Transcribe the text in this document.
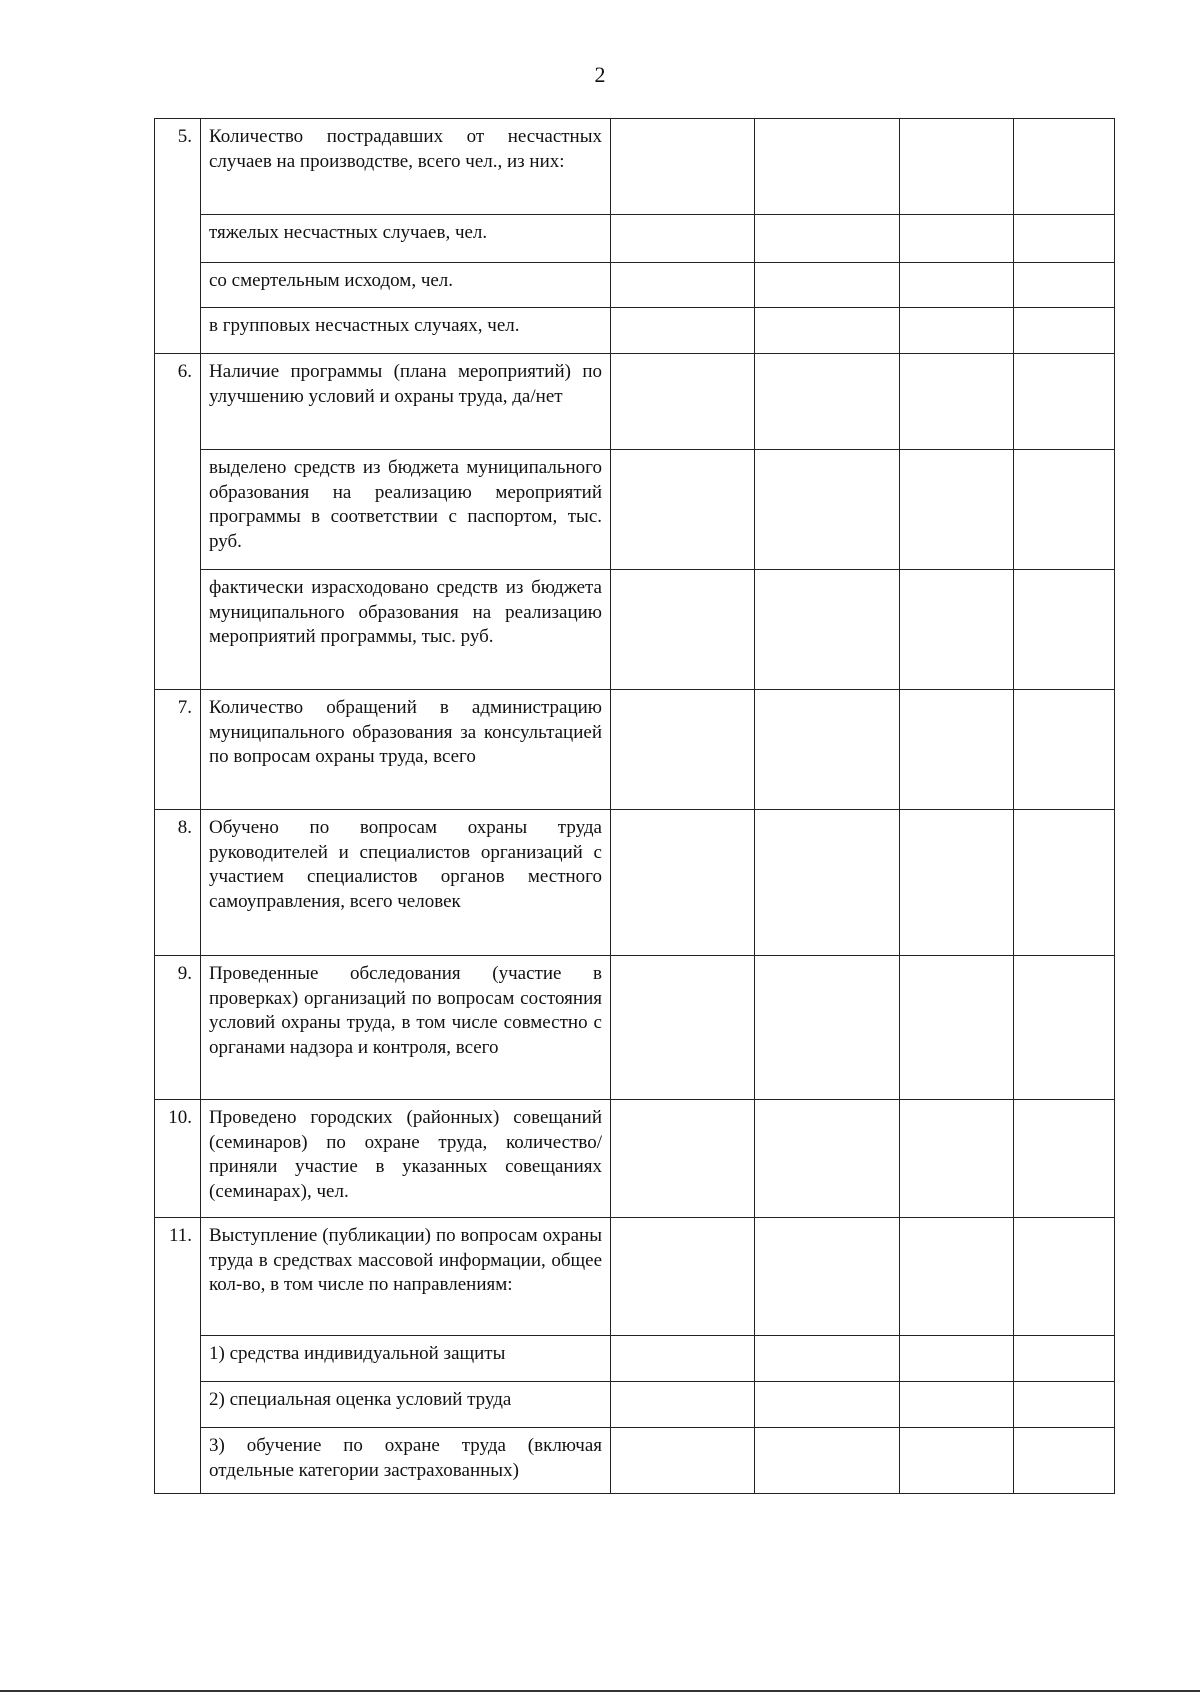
2
5.	Количество пострадавших от несчастных случаев на производстве, всего чел., из них:				
	тяжелых несчастных случаев, чел.				
	со смертельным исходом, чел.				
	в групповых несчастных случаях, чел.				
6.	Наличие программы (плана мероприятий) по улучшению условий и охраны труда, да/нет				
	выделено средств из бюджета муниципального образования на реализацию мероприятий программы в соответствии с паспортом, тыс. руб.				
	фактически израсходовано средств из бюджета муниципального образования на реализацию мероприятий программы, тыс. руб.				
7.	Количество обращений в администрацию муниципального образования за консультацией по вопросам охраны труда, всего				
8.	Обучено по вопросам охраны труда руководителей и специалистов организаций с участием специалистов органов местного самоуправления, всего человек				
9.	Проведенные обследования (участие в проверках) организаций по вопросам состояния условий охраны труда, в том числе совместно с органами надзора и контроля, всего				
10.	Проведено городских (районных) совещаний (семинаров) по охране труда, количество/приняли участие в указанных совещаниях (семинарах), чел.				
11.	Выступление (публикации) по вопросам охраны труда в средствах массовой информации, общее кол-во, в том числе по направлениям:				
	1) средства индивидуальной защиты				
	2) специальная оценка условий труда				
	3) обучение по охране труда (включая отдельные категории застрахованных)				
